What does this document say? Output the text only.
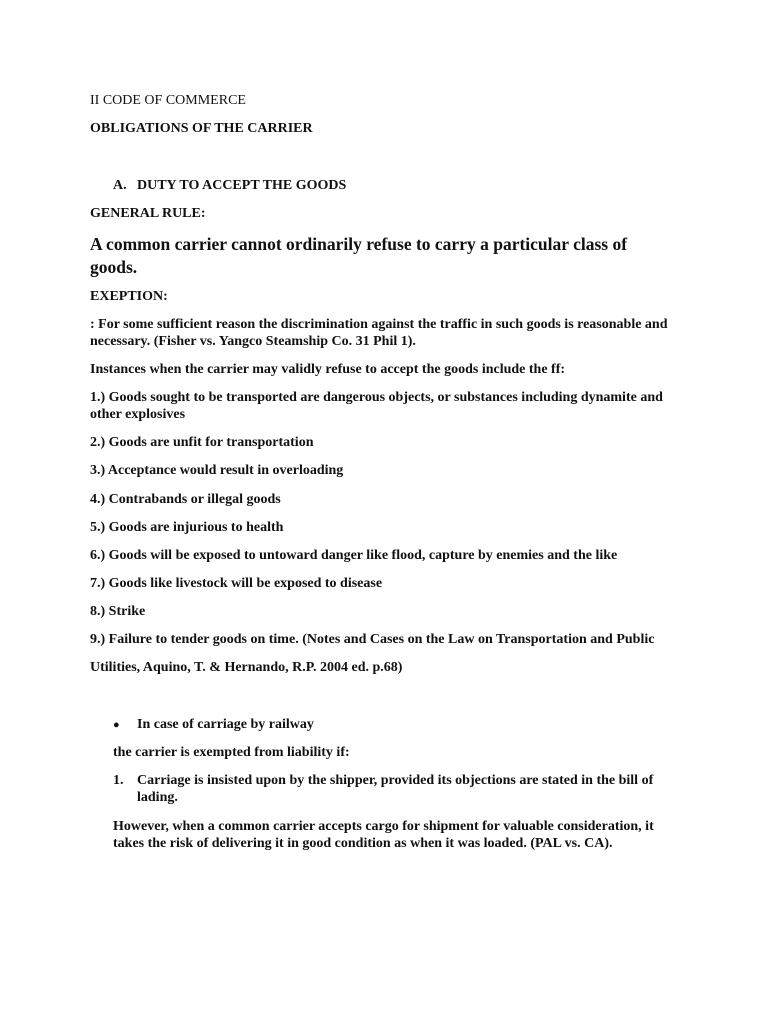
II CODE OF COMMERCE
OBLIGATIONS OF THE CARRIER
A. DUTY TO ACCEPT THE GOODS
GENERAL RULE:
A common carrier cannot ordinarily refuse to carry a particular class of
goods.
EXEPTION:
: For some sufficient reason the discrimination against the traffic in such goods is reasonable and
necessary. (Fisher vs. Yangco Steamship Co. 31 Phil 1).
Instances when the carrier may validly refuse to accept the goods include the ff:
1.) Goods sought to be transported are dangerous objects, or substances including dynamite and
other explosives
2.) Goods are unfit for transportation
3.) Acceptance would result in overloading
4.) Contrabands or illegal goods
5.) Goods are injurious to health
6.) Goods will be exposed to untoward danger like flood, capture by enemies and the like
7.) Goods like livestock will be exposed to disease
8.) Strike
9.) Failure to tender goods on time. (Notes and Cases on the Law on Transportation and Public
Utilities, Aquino, T. & Hernando, R.P. 2004 ed. p.68)
● In case of carriage by railway
the carrier is exempted from liability if:
1. Carriage is insisted upon by the shipper, provided its objections are stated in the bill of
lading.
However, when a common carrier accepts cargo for shipment for valuable consideration, it
takes the risk of delivering it in good condition as when it was loaded. (PAL vs. CA).
